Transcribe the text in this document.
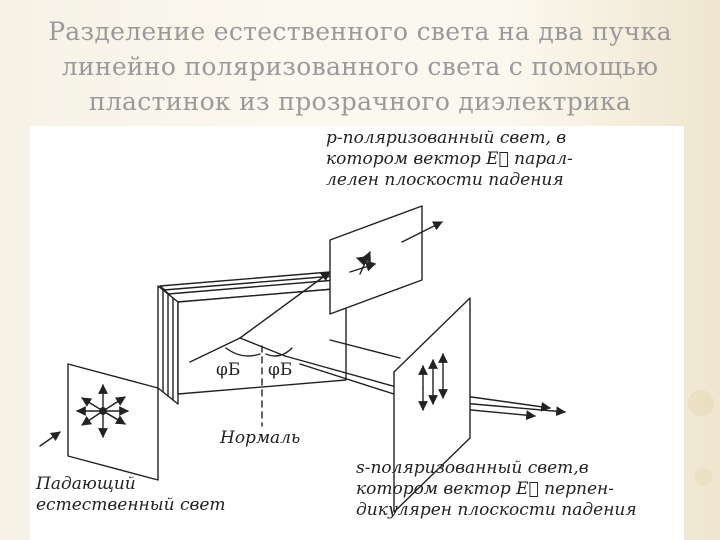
Разделение естественного света на два пучка
линейно поляризованного света с помощью
пластинок из прозрачного диэлектрика
φБ φБ
Нормаль
p-поляризованный свет, в
котором вектор E⃗ парал-
лелен плоскости падения
s-поляризованный свет,в
котором вектор E⃗ перпен-
дикулярен плоскости падения
Падающий
естественный свет
